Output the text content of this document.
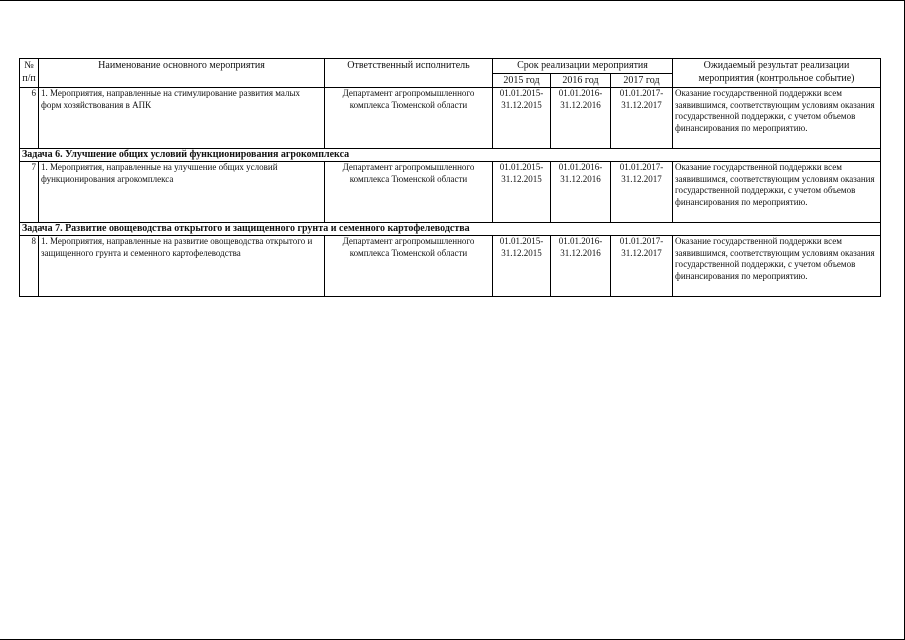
№ п/п	Наименование основного мероприятия	Ответственный исполнитель	Срок реализации мероприятия			Ожидаемый результат реализации мероприятия (контрольное событие)
			2015 год	2016 год	2017 год	
6	1. Мероприятия, направленные на стимулирование развития малых форм хозяйствования в АПК	Департамент агропромышленного комплекса Тюменской области	01.01.2015-
31.12.2015	01.01.2016-
31.12.2016	01.01.2017-
31.12.2017	Оказание государственной поддержки всем заявившимся, соответствующим условиям оказания государственной поддержки, с учетом объемов финансирования по мероприятию.
Задача 6. Улучшение общих условий функционирования агрокомплекса						
7	1. Мероприятия, направленные на улучшение общих условий функционирования агрокомплекса	Департамент агропромышленного комплекса Тюменской области	01.01.2015-
31.12.2015	01.01.2016-
31.12.2016	01.01.2017-
31.12.2017	Оказание государственной поддержки всем заявившимся, соответствующим условиям оказания государственной поддержки, с учетом объемов финансирования по мероприятию.
Задача 7. Развитие овощеводства открытого и защищенного грунта и семенного картофелеводства						
8	1. Мероприятия, направленные на развитие овощеводства открытого и защищенного грунта и семенного картофелеводства	Департамент агропромышленного комплекса Тюменской области	01.01.2015-
31.12.2015	01.01.2016-
31.12.2016	01.01.2017-
31.12.2017	Оказание государственной поддержки всем заявившимся, соответствующим условиям оказания государственной поддержки, с учетом объемов финансирования по мероприятию.
